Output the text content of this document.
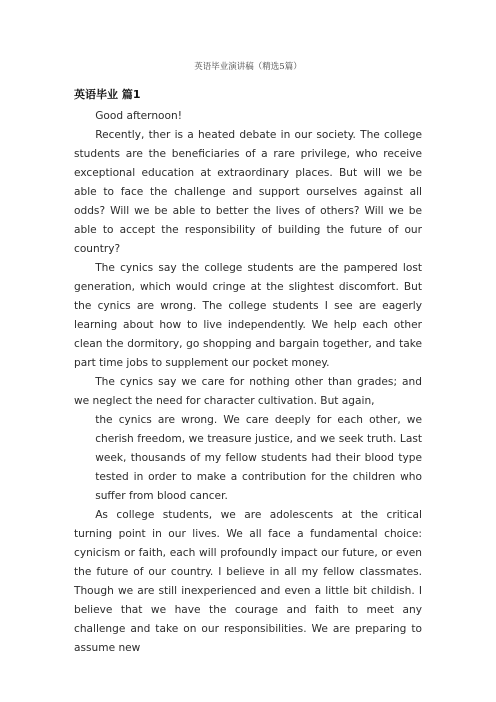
英语毕业演讲稿（精选5篇）
英语毕业 篇1

Good afternoon!

Recently, ther is a heated debate in our society. The college students are the beneficiaries of a rare privilege, who receive exceptional education at extraordinary places. But will we be able to face the challenge and support ourselves against all odds? Will we be able to better the lives of others? Will we be able to accept the responsibility of building the future of our country?

The cynics say the college students are the pampered lost generation, which would cringe at the slightest discomfort. But the cynics are wrong. The college students I see are eagerly learning about how to live independently. We help each other clean the dormitory, go shopping and bargain together, and take part time jobs to supplement our pocket money.

The cynics say we care for nothing other than grades; and we neglect the need for character cultivation. But again,

the cynics are wrong. We care deeply for each other, we cherish freedom, we treasure justice, and we seek truth. Last week, thousands of my fellow students had their blood type tested in order to make a contribution for the children who suffer from blood cancer.

As college students, we are adolescents at the critical turning point in our lives. We all face a fundamental choice: cynicism or faith, each will profoundly impact our future, or even the future of our country. I believe in all my fellow classmates. Though we are still inexperienced and even a little bit childish. I believe that we have the courage and faith to meet any challenge and take on our responsibilities. We are preparing to assume new
